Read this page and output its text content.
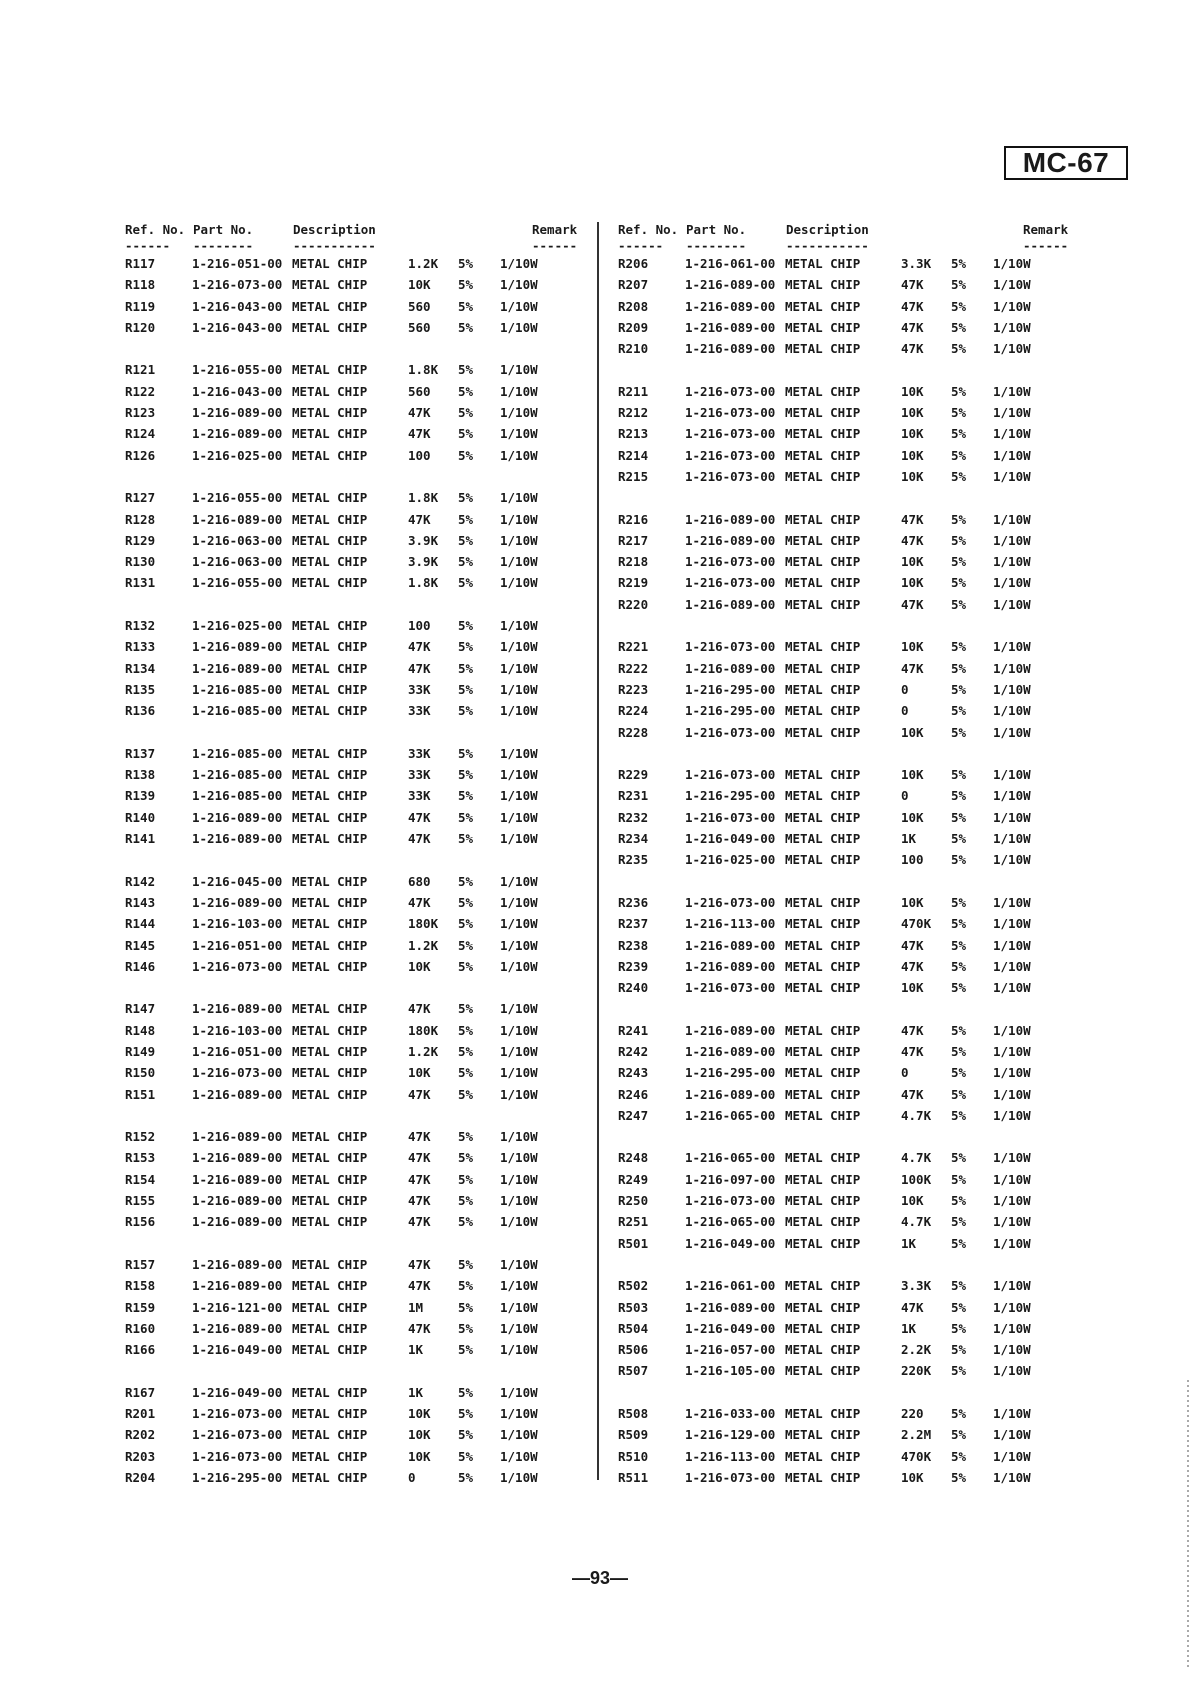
MC-67
Ref. No. Part No.	Description	Remark
------ --------	-----------	------
R117	1-216-051-00 METAL CHIP	1.2K 5% 1/10W
R118	1-216-073-00 METAL CHIP	10K 5% 1/10W
R119	1-216-043-00 METAL CHIP	560 5% 1/10W
R120	1-216-043-00 METAL CHIP	560 5% 1/10W
R121	1-216-055-00 METAL CHIP	1.8K 5% 1/10W
R122	1-216-043-00 METAL CHIP	560 5% 1/10W
R123	1-216-089-00 METAL CHIP	47K 5% 1/10W
R124	1-216-089-00 METAL CHIP	47K 5% 1/10W
R126	1-216-025-00 METAL CHIP	100 5% 1/10W
R127	1-216-055-00 METAL CHIP	1.8K 5% 1/10W
R128	1-216-089-00 METAL CHIP	47K 5% 1/10W
R129	1-216-063-00 METAL CHIP	3.9K 5% 1/10W
R130	1-216-063-00 METAL CHIP	3.9K 5% 1/10W
R131	1-216-055-00 METAL CHIP	1.8K 5% 1/10W
R132	1-216-025-00 METAL CHIP	100 5% 1/10W
R133	1-216-089-00 METAL CHIP	47K 5% 1/10W
R134	1-216-089-00 METAL CHIP	47K 5% 1/10W
R135	1-216-085-00 METAL CHIP	33K 5% 1/10W
R136	1-216-085-00 METAL CHIP	33K 5% 1/10W
R137	1-216-085-00 METAL CHIP	33K 5% 1/10W
R138	1-216-085-00 METAL CHIP	33K 5% 1/10W
R139	1-216-085-00 METAL CHIP	33K 5% 1/10W
R140	1-216-089-00 METAL CHIP	47K 5% 1/10W
R141	1-216-089-00 METAL CHIP	47K 5% 1/10W
R142	1-216-045-00 METAL CHIP	680 5% 1/10W
R143	1-216-089-00 METAL CHIP	47K 5% 1/10W
R144	1-216-103-00 METAL CHIP	180K 5% 1/10W
R145	1-216-051-00 METAL CHIP	1.2K 5% 1/10W
R146	1-216-073-00 METAL CHIP	10K 5% 1/10W
R147	1-216-089-00 METAL CHIP	47K 5% 1/10W
R148	1-216-103-00 METAL CHIP	180K 5% 1/10W
R149	1-216-051-00 METAL CHIP	1.2K 5% 1/10W
R150	1-216-073-00 METAL CHIP	10K 5% 1/10W
R151	1-216-089-00 METAL CHIP	47K 5% 1/10W
R152	1-216-089-00 METAL CHIP	47K 5% 1/10W
R153	1-216-089-00 METAL CHIP	47K 5% 1/10W
R154	1-216-089-00 METAL CHIP	47K 5% 1/10W
R155	1-216-089-00 METAL CHIP	47K 5% 1/10W
R156	1-216-089-00 METAL CHIP	47K 5% 1/10W
R157	1-216-089-00 METAL CHIP	47K 5% 1/10W
R158	1-216-089-00 METAL CHIP	47K 5% 1/10W
R159	1-216-121-00 METAL CHIP	1M	5% 1/10W
R160	1-216-089-00 METAL CHIP	47K 5% 1/10W
R166	1-216-049-00 METAL CHIP	1K	5% 1/10W
R167	1-216-049-00 METAL CHIP	1K	5% 1/10W
R201	1-216-073-00 METAL CHIP	10K 5% 1/10W
R202	1-216-073-00 METAL CHIP	10K 5% 1/10W
R203	1-216-073-00 METAL CHIP	10K 5% 1/10W
R204	1-216-295-00 METAL CHIP	0	5% 1/10W
Ref. No. Part No.	Description	Remark
------ --------	-----------	------
R206	1-216-061-00 METAL CHIP	3.3K 5% 1/10W
R207	1-216-089-00 METAL CHIP	47K 5% 1/10W
R208	1-216-089-00 METAL CHIP	47K 5% 1/10W
R209	1-216-089-00 METAL CHIP	47K 5% 1/10W
R210	1-216-089-00 METAL CHIP	47K 5% 1/10W
R211	1-216-073-00 METAL CHIP	10K 5% 1/10W
R212	1-216-073-00 METAL CHIP	10K 5% 1/10W
R213	1-216-073-00 METAL CHIP	10K 5% 1/10W
R214	1-216-073-00 METAL CHIP	10K 5% 1/10W
R215	1-216-073-00 METAL CHIP	10K 5% 1/10W
R216	1-216-089-00 METAL CHIP	47K 5% 1/10W
R217	1-216-089-00 METAL CHIP	47K 5% 1/10W
R218	1-216-073-00 METAL CHIP	10K 5% 1/10W
R219	1-216-073-00 METAL CHIP	10K 5% 1/10W
R220	1-216-089-00 METAL CHIP	47K 5% 1/10W
R221	1-216-073-00 METAL CHIP	10K 5% 1/10W
R222	1-216-089-00 METAL CHIP	47K 5% 1/10W
R223	1-216-295-00 METAL CHIP	0	5% 1/10W
R224	1-216-295-00 METAL CHIP	0	5% 1/10W
R228	1-216-073-00 METAL CHIP	10K 5% 1/10W
R229	1-216-073-00 METAL CHIP	10K 5% 1/10W
R231	1-216-295-00 METAL CHIP	0	5% 1/10W
R232	1-216-073-00 METAL CHIP	10K 5% 1/10W
R234	1-216-049-00 METAL CHIP	1K	5% 1/10W
R235	1-216-025-00 METAL CHIP	100 5% 1/10W
R236	1-216-073-00 METAL CHIP	10K 5% 1/10W
R237	1-216-113-00 METAL CHIP	470K 5% 1/10W
R238	1-216-089-00 METAL CHIP	47K 5% 1/10W
R239	1-216-089-00 METAL CHIP	47K 5% 1/10W
R240	1-216-073-00 METAL CHIP	10K 5% 1/10W
R241	1-216-089-00 METAL CHIP	47K 5% 1/10W
R242	1-216-089-00 METAL CHIP	47K 5% 1/10W
R243	1-216-295-00 METAL CHIP	0	5% 1/10W
R246	1-216-089-00 METAL CHIP	47K 5% 1/10W
R247	1-216-065-00 METAL CHIP	4.7K 5% 1/10W
R248	1-216-065-00 METAL CHIP	4.7K 5% 1/10W
R249	1-216-097-00 METAL CHIP	100K 5% 1/10W
R250	1-216-073-00 METAL CHIP	10K 5% 1/10W
R251	1-216-065-00 METAL CHIP	4.7K 5% 1/10W
R501	1-216-049-00 METAL CHIP	1K	5% 1/10W
R502	1-216-061-00 METAL CHIP	3.3K 5% 1/10W
R503	1-216-089-00 METAL CHIP	47K 5% 1/10W
R504	1-216-049-00 METAL CHIP	1K	5% 1/10W
R506	1-216-057-00 METAL CHIP	2.2K 5% 1/10W
R507	1-216-105-00 METAL CHIP	220K 5% 1/10W
R508	1-216-033-00 METAL CHIP	220 5% 1/10W
R509	1-216-129-00 METAL CHIP	2.2M 5% 1/10W
R510	1-216-113-00 METAL CHIP	470K 5% 1/10W
R511	1-216-073-00 METAL CHIP	10K 5% 1/10W
—93—
